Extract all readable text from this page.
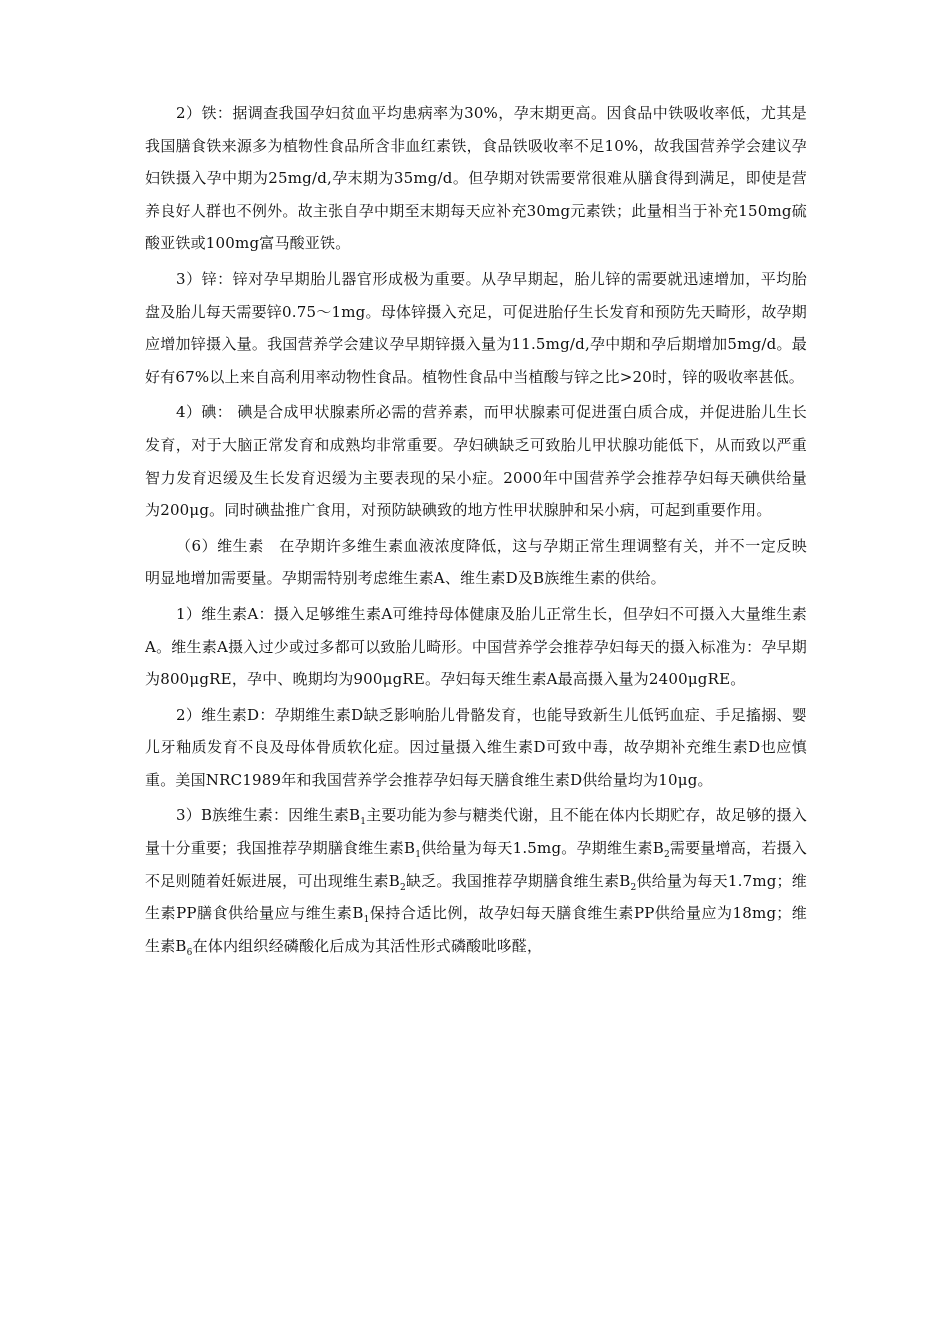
2）铁：据调查我国孕妇贫血平均患病率为30%，孕末期更高。因食品中铁吸收率低，尤其是我国膳食铁来源多为植物性食品所含非血红素铁，食品铁吸收率不足10%，故我国营养学会建议孕妇铁摄入孕中期为25mg/d,孕末期为35mg/d。但孕期对铁需要常很难从膳食得到满足，即使是营养良好人群也不例外。故主张自孕中期至末期每天应补充30mg元素铁；此量相当于补充150mg硫酸亚铁或100mg富马酸亚铁。

3）锌：锌对孕早期胎儿器官形成极为重要。从孕早期起，胎儿锌的需要就迅速增加，平均胎盘及胎儿每天需要锌0.75～1mg。母体锌摄入充足，可促进胎仔生长发育和预防先天畸形，故孕期应增加锌摄入量。我国营养学会建议孕早期锌摄入量为11.5mg/d,孕中期和孕后期增加5mg/d。最好有67%以上来自高利用率动物性食品。植物性食品中当植酸与锌之比>20时，锌的吸收率甚低。

4）碘： 碘是合成甲状腺素所必需的营养素，而甲状腺素可促进蛋白质合成，并促进胎儿生长发育，对于大脑正常发育和成熟均非常重要。孕妇碘缺乏可致胎儿甲状腺功能低下，从而致以严重智力发育迟缓及生长发育迟缓为主要表现的呆小症。2000年中国营养学会推荐孕妇每天碘供给量为200μg。同时碘盐推广食用，对预防缺碘致的地方性甲状腺肿和呆小病，可起到重要作用。

（6）维生素　在孕期许多维生素血液浓度降低，这与孕期正常生理调整有关，并不一定反映明显地增加需要量。孕期需特别考虑维生素A、维生素D及B族维生素的供给。

1）维生素A：摄入足够维生素A可维持母体健康及胎儿正常生长，但孕妇不可摄入大量维生素A。维生素A摄入过少或过多都可以致胎儿畸形。中国营养学会推荐孕妇每天的摄入标准为：孕早期为800μgRE，孕中、晚期均为900μgRE。孕妇每天维生素A最高摄入量为2400μgRE。

2）维生素D：孕期维生素D缺乏影响胎儿骨骼发育，也能导致新生儿低钙血症、手足搐搦、婴儿牙釉质发育不良及母体骨质软化症。因过量摄入维生素D可致中毒，故孕期补充维生素D也应慎重。美国NRC1989年和我国营养学会推荐孕妇每天膳食维生素D供给量均为10μg。

3）B族维生素：因维生素$B_1$主要功能为参与糖类代谢，且不能在体内长期贮存，故足够的摄入量十分重要；我国推荐孕期膳食维生素$B_1$供给量为每天1.5mg。孕期维生素$B_2$需要量增高，若摄入不足则随着妊娠进展，可出现维生素$B_2$缺乏。我国推荐孕期膳食维生素$B_2$供给量为每天1.7mg；维生素PP膳食供给量应与维生素$B_1$保持合适比例，故孕妇每天膳食维生素PP供给量应为18mg；维生素$B_6$在体内组织经磷酸化后成为其活性形式磷酸吡哆醛，
